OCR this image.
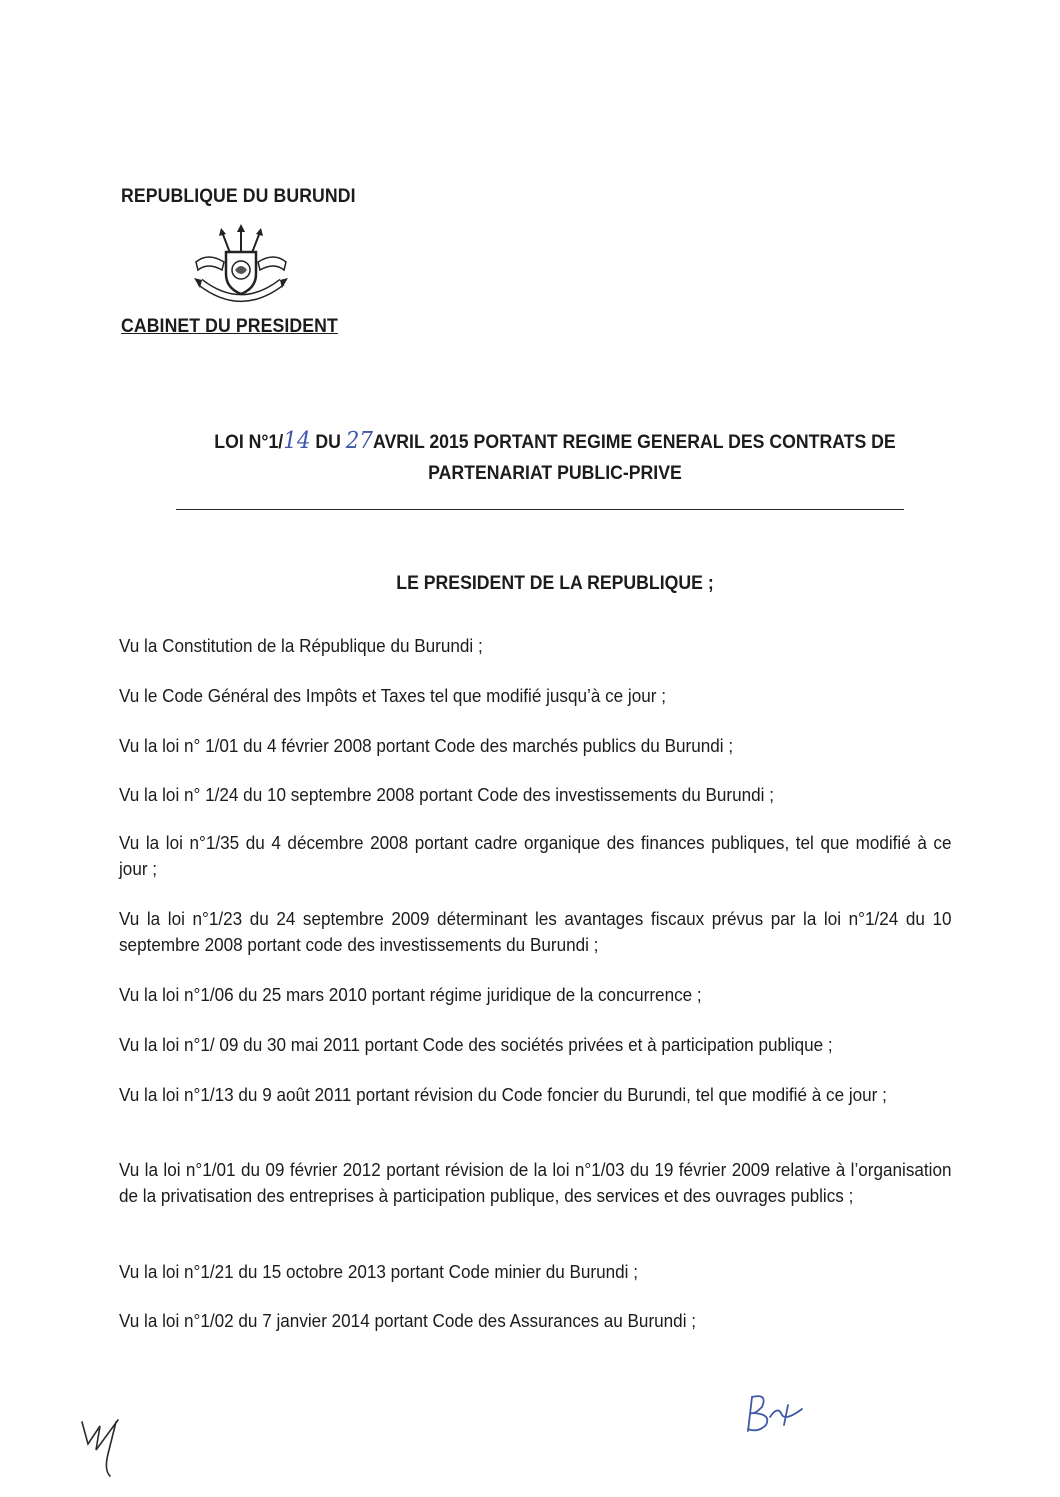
REPUBLIQUE DU BURUNDI
CABINET DU PRESIDENT
LOI N°1/14 DU 27AVRIL 2015 PORTANT REGIME GENERAL DES CONTRATS DE
PARTENARIAT PUBLIC-PRIVE
LE PRESIDENT DE LA REPUBLIQUE ;
Vu la Constitution de la République du Burundi ;
Vu le Code Général des Impôts et Taxes tel que modifié jusqu’à ce jour ;
Vu la loi n° 1/01 du 4 février 2008 portant Code des marchés publics du Burundi ;
Vu la loi n° 1/24 du 10 septembre 2008 portant Code des investissements du Burundi ;
Vu la loi n°1/35 du 4 décembre 2008 portant cadre organique des finances publiques, tel que modifié à ce jour ;
Vu la loi n°1/23 du 24 septembre 2009 déterminant les avantages fiscaux prévus par la loi n°1/24 du 10 septembre 2008 portant code des investissements du Burundi ;
Vu la loi n°1/06 du 25 mars 2010 portant régime juridique de la concurrence ;
Vu la loi n°1/ 09 du 30 mai 2011 portant Code des sociétés privées et à participation publique ;
Vu la loi n°1/13 du 9 août 2011 portant révision du Code foncier du Burundi, tel que modifié à ce jour ;
Vu la loi n°1/01 du 09 février 2012 portant révision de la loi n°1/03 du 19 février 2009 relative à l’organisation de la privatisation des entreprises à participation publique, des services et des ouvrages publics ;
Vu la loi n°1/21 du 15 octobre 2013 portant Code minier du Burundi ;
Vu la loi n°1/02 du 7 janvier 2014 portant Code des Assurances au Burundi ;
